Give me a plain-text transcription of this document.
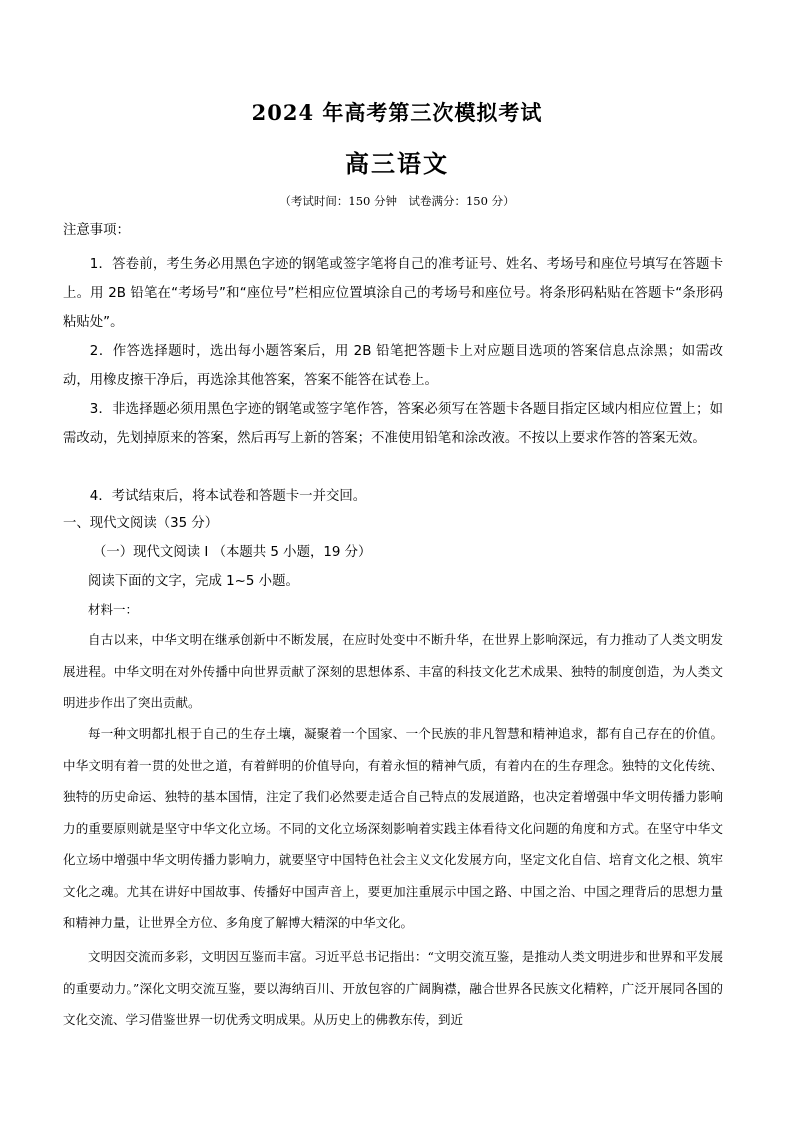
2024 年高考第三次模拟考试
高三语文
（考试时间：150 分钟　试卷满分：150 分）

注意事项：

1．答卷前，考生务必用黑色字迹的钢笔或签字笔将自己的准考证号、姓名、考场号和座位号填写在答题卡上。用 2B 铅笔在“考场号”和“座位号”栏相应位置填涂自己的考场号和座位号。将条形码粘贴在答题卡“条形码粘贴处”。

2．作答选择题时，选出每小题答案后，用 2B 铅笔把答题卡上对应题目选项的答案信息点涂黑；如需改动，用橡皮擦干净后，再选涂其他答案，答案不能答在试卷上。

3．非选择题必须用黑色字迹的钢笔或签字笔作答，答案必须写在答题卡各题目指定区域内相应位置上；如需改动，先划掉原来的答案，然后再写上新的答案；不准使用铅笔和涂改液。不按以上要求作答的答案无效。

4．考试结束后，将本试卷和答题卡一并交回。

一、现代文阅读（35 分）

（一）现代文阅读 I （本题共 5 小题，19 分）

阅读下面的文字，完成 1~5 小题。

材料一：

自古以来，中华文明在继承创新中不断发展，在应时处变中不断升华，在世界上影响深远，有力推动了人类文明发展进程。中华文明在对外传播中向世界贡献了深刻的思想体系、丰富的科技文化艺术成果、独特的制度创造，为人类文明进步作出了突出贡献。

每一种文明都扎根于自己的生存土壤，凝聚着一个国家、一个民族的非凡智慧和精神追求，都有自己存在的价值。中华文明有着一贯的处世之道，有着鲜明的价值导向，有着永恒的精神气质，有着内在的生存理念。独特的文化传统、独特的历史命运、独特的基本国情，注定了我们必然要走适合自己特点的发展道路，也决定着增强中华文明传播力影响力的重要原则就是坚守中华文化立场。不同的文化立场深刻影响着实践主体看待文化问题的角度和方式。在坚守中华文化立场中增强中华文明传播力影响力，就要坚守中国特色社会主义文化发展方向，坚定文化自信、培育文化之根、筑牢文化之魂。尤其在讲好中国故事、传播好中国声音上，要更加注重展示中国之路、中国之治、中国之理背后的思想力量和精神力量，让世界全方位、多角度了解博大精深的中华文化。

文明因交流而多彩，文明因互鉴而丰富。习近平总书记指出：“文明交流互鉴，是推动人类文明进步和世界和平发展的重要动力。”深化文明交流互鉴，要以海纳百川、开放包容的广阔胸襟，融合世界各民族文化精粹，广泛开展同各国的文化交流、学习借鉴世界一切优秀文明成果。从历史上的佛教东传，到近
